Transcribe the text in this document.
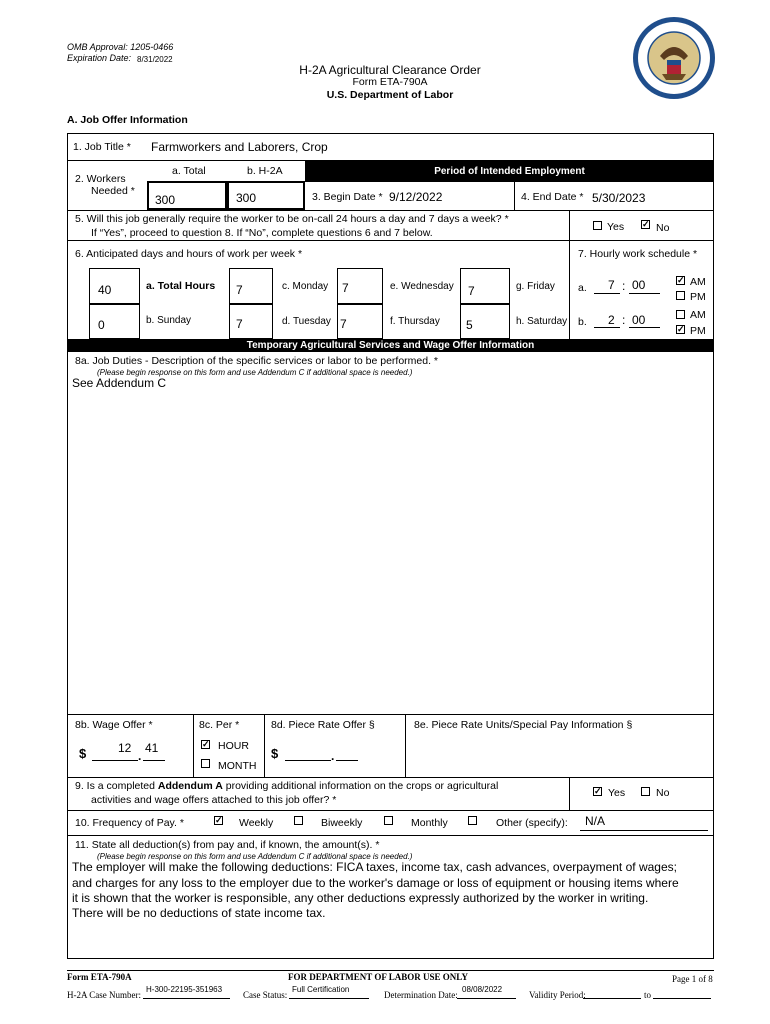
OMB Approval: 1205-0466
Expiration Date: 8/31/2022
H-2A Agricultural Clearance Order
Form ETA-790A
U.S. Department of Labor
A. Job Offer Information
1. Job Title * Farmworkers and Laborers, Crop
2. Workers
Needed *
a. Total	b. H-2A	Period of Intended Employment
300	300	3. Begin Date * 9/12/2022	4. End Date * 5/30/2023
5. Will this job generally require the worker to be on-call 24 hours a day and 7 days a week? *
If “Yes”, proceed to question 8. If “No”, complete questions 6 and 7 below.	Yes ✓ No
6. Anticipated days and hours of work per week *	7. Hourly work schedule *
40	a. Total Hours 7	c. Monday 7	e. Wednesday 7	g. Friday
0	b. Sunday	7	d. Tuesday 7	f. Thursday 5	h. Saturday
a. 7 : 00	✓ AM
PM
b. 2 : 00	AM
✓ PM
Temporary Agricultural Services and Wage Offer Information
8a. Job Duties - Description of the specific services or labor to be performed. *
(Please begin response on this form and use Addendum C if additional space is needed.)
See Addendum C
8b. Wage Offer *
$	12
.
41
8c. Per *
✓ HOUR
MONTH
8d. Piece Rate Offer §
$	.
8e. Piece Rate Units/Special Pay Information §
9. Is a completed Addendum A providing additional information on the crops or agricultural
activities and wage offers attached to this job offer? *
✓ Yes	No
10. Frequency of Pay. *	✓ Weekly	Biweekly	Monthly	Other (specify): N/A
11. State all deduction(s) from pay and, if known, the amount(s). *
(Please begin response on this form and use Addendum C if additional space is needed.)
The employer will make the following deductions: FICA taxes, income tax, cash advances, overpayment of wages;
and charges for any loss to the employer due to the worker's damage or loss of equipment or housing items where
it is shown that the worker is responsible, any other deductions expressly authorized by the worker in writing.
There will be no deductions of state income tax.
Form ETA-790A	FOR DEPARTMENT OF LABOR USE ONLY	Page 1 of 8
H-2A Case Number:
H-300-22195-351963
Case Status:
Full Certification
Determination Date:
08/08/2022
Validity Period:	to
